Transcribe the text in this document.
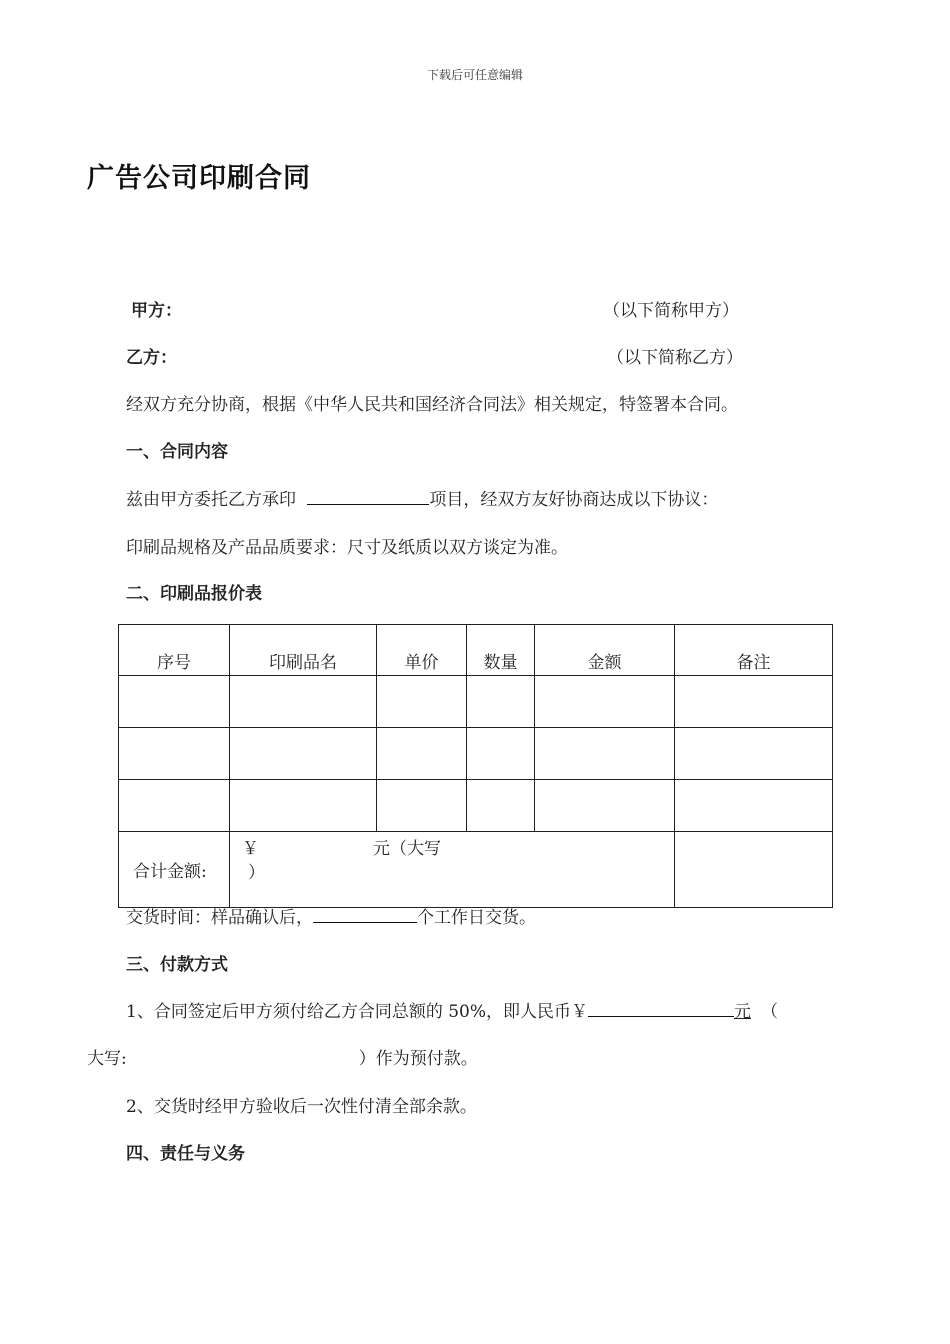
下载后可任意编辑
广告公司印刷合同
甲方：	（以下简称甲方）
乙方：	（以下简称乙方）
经双方充分协商，根据《中华人民共和国经济合同法》相关规定，特签署本合同。
一、合同内容
兹由甲方委托乙方承印	项目，经双方友好协商达成以下协议：
印刷品规格及产品品质要求：尺寸及纸质以双方谈定为准。
二、印刷品报价表
序号	印刷品名	单价	数量	金额	备注

合计金额:	￥ 元（大写
）				

交货时间：样品确认后，	个工作日交货。
三、付款方式
1、合同签定后甲方须付给乙方合同总额的 50%，即人民币￥	元 （
大写:	）作为预付款。
2、交货时经甲方验收后一次性付清全部余款。
四、责任与义务
